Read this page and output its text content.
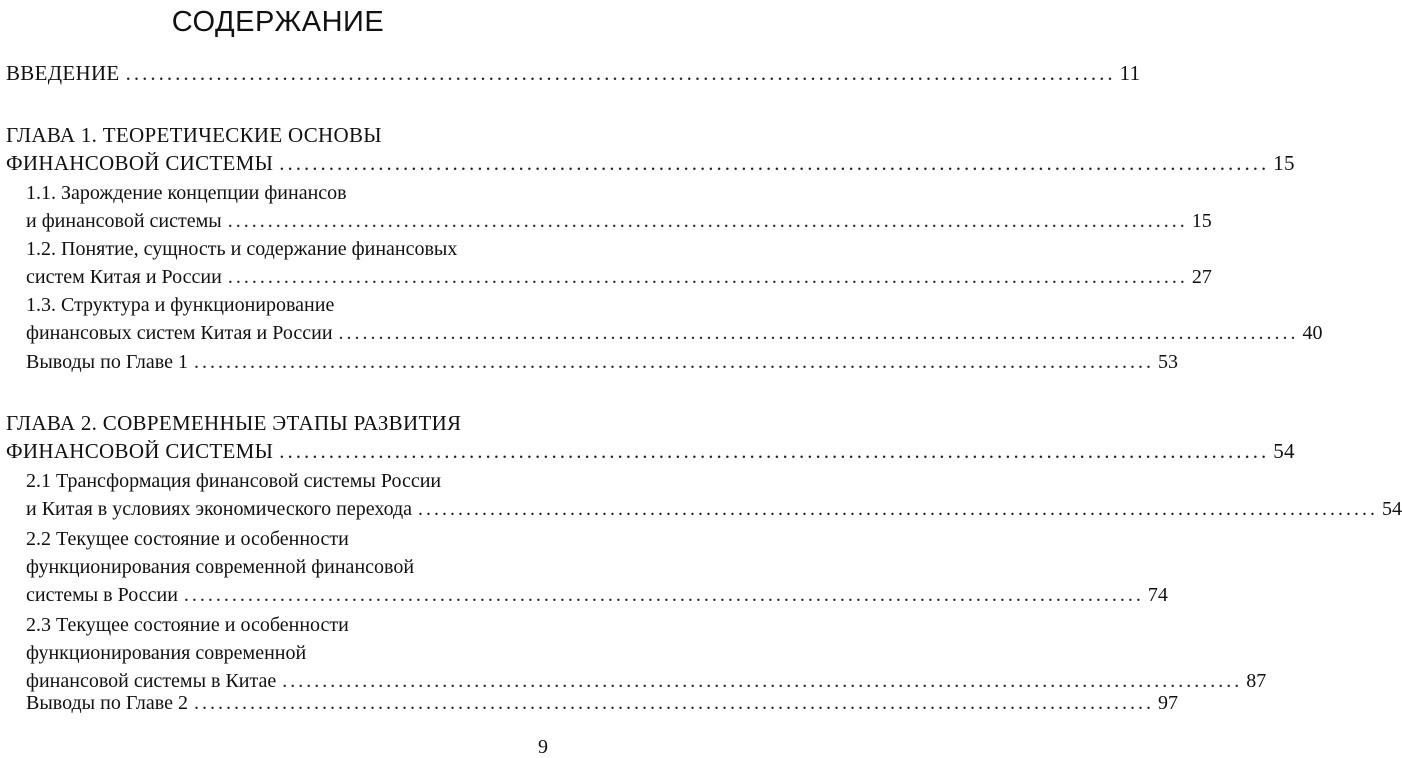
СОДЕРЖАНИЕ
ВВЕДЕНИЕ ........................................................................................................................ 11
ГЛАВА 1. ТЕОРЕТИЧЕСКИЕ ОСНОВЫ
ФИНАНСОВОЙ СИСТЕМЫ ........................................................................................................................ 15
1.1. Зарождение концепции финансов
и финансовой системы ........................................................................................................................ 15
1.2. Понятие, сущность и содержание финансовых
систем Китая и России ........................................................................................................................ 27
1.3. Структура и функционирование
финансовых систем Китая и России ........................................................................................................................ 40
Выводы по Главе 1 ........................................................................................................................ 53
ГЛАВА 2. СОВРЕМЕННЫЕ ЭТАПЫ РАЗВИТИЯ
ФИНАНСОВОЙ СИСТЕМЫ ........................................................................................................................ 54
2.1 Трансформация финансовой системы России
и Китая в условиях экономического перехода ........................................................................................................................ 54
2.2 Текущее состояние и особенности
функционирования современной финансовой
системы в России ........................................................................................................................ 74
2.3 Текущее состояние и особенности
функционирования современной
финансовой системы в Китае ........................................................................................................................ 87
Выводы по Главе 2 ........................................................................................................................ 97
9
